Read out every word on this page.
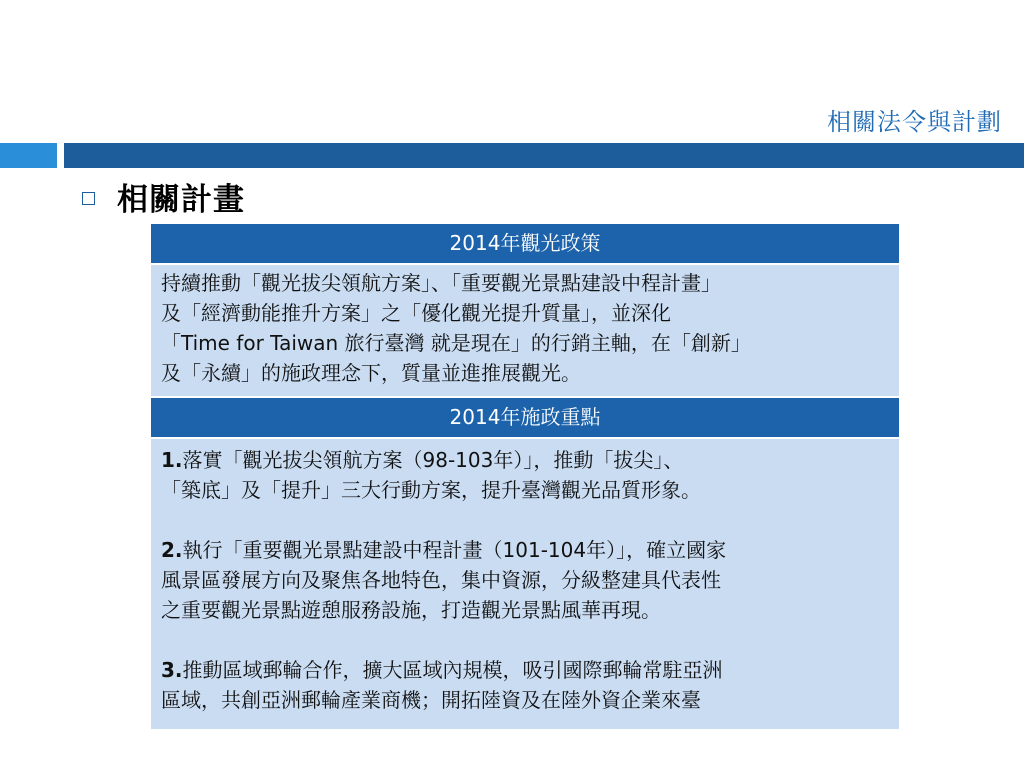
相關法令與計劃
相關計畫
2014年觀光政策

持續推動「觀光拔尖領航方案」、「重要觀光景點建設中程計畫」

及「經濟動能推升方案」之「優化觀光提升質量」，並深化

「Time for Taiwan 旅行臺灣 就是現在」的行銷主軸，在「創新」

及「永續」的施政理念下，質量並進推展觀光。

2014年施政重點

1.落實「觀光拔尖領航方案（98-103年）」，推動「拔尖」、

「築底」及「提升」三大行動方案，提升臺灣觀光品質形象。

2.執行「重要觀光景點建設中程計畫（101-104年）」，確立國家

風景區發展方向及聚焦各地特色，集中資源，分級整建具代表性

之重要觀光景點遊憩服務設施，打造觀光景點風華再現。

3.推動區域郵輪合作，擴大區域內規模，吸引國際郵輪常駐亞洲

區域，共創亞洲郵輪產業商機；開拓陸資及在陸外資企業來臺
